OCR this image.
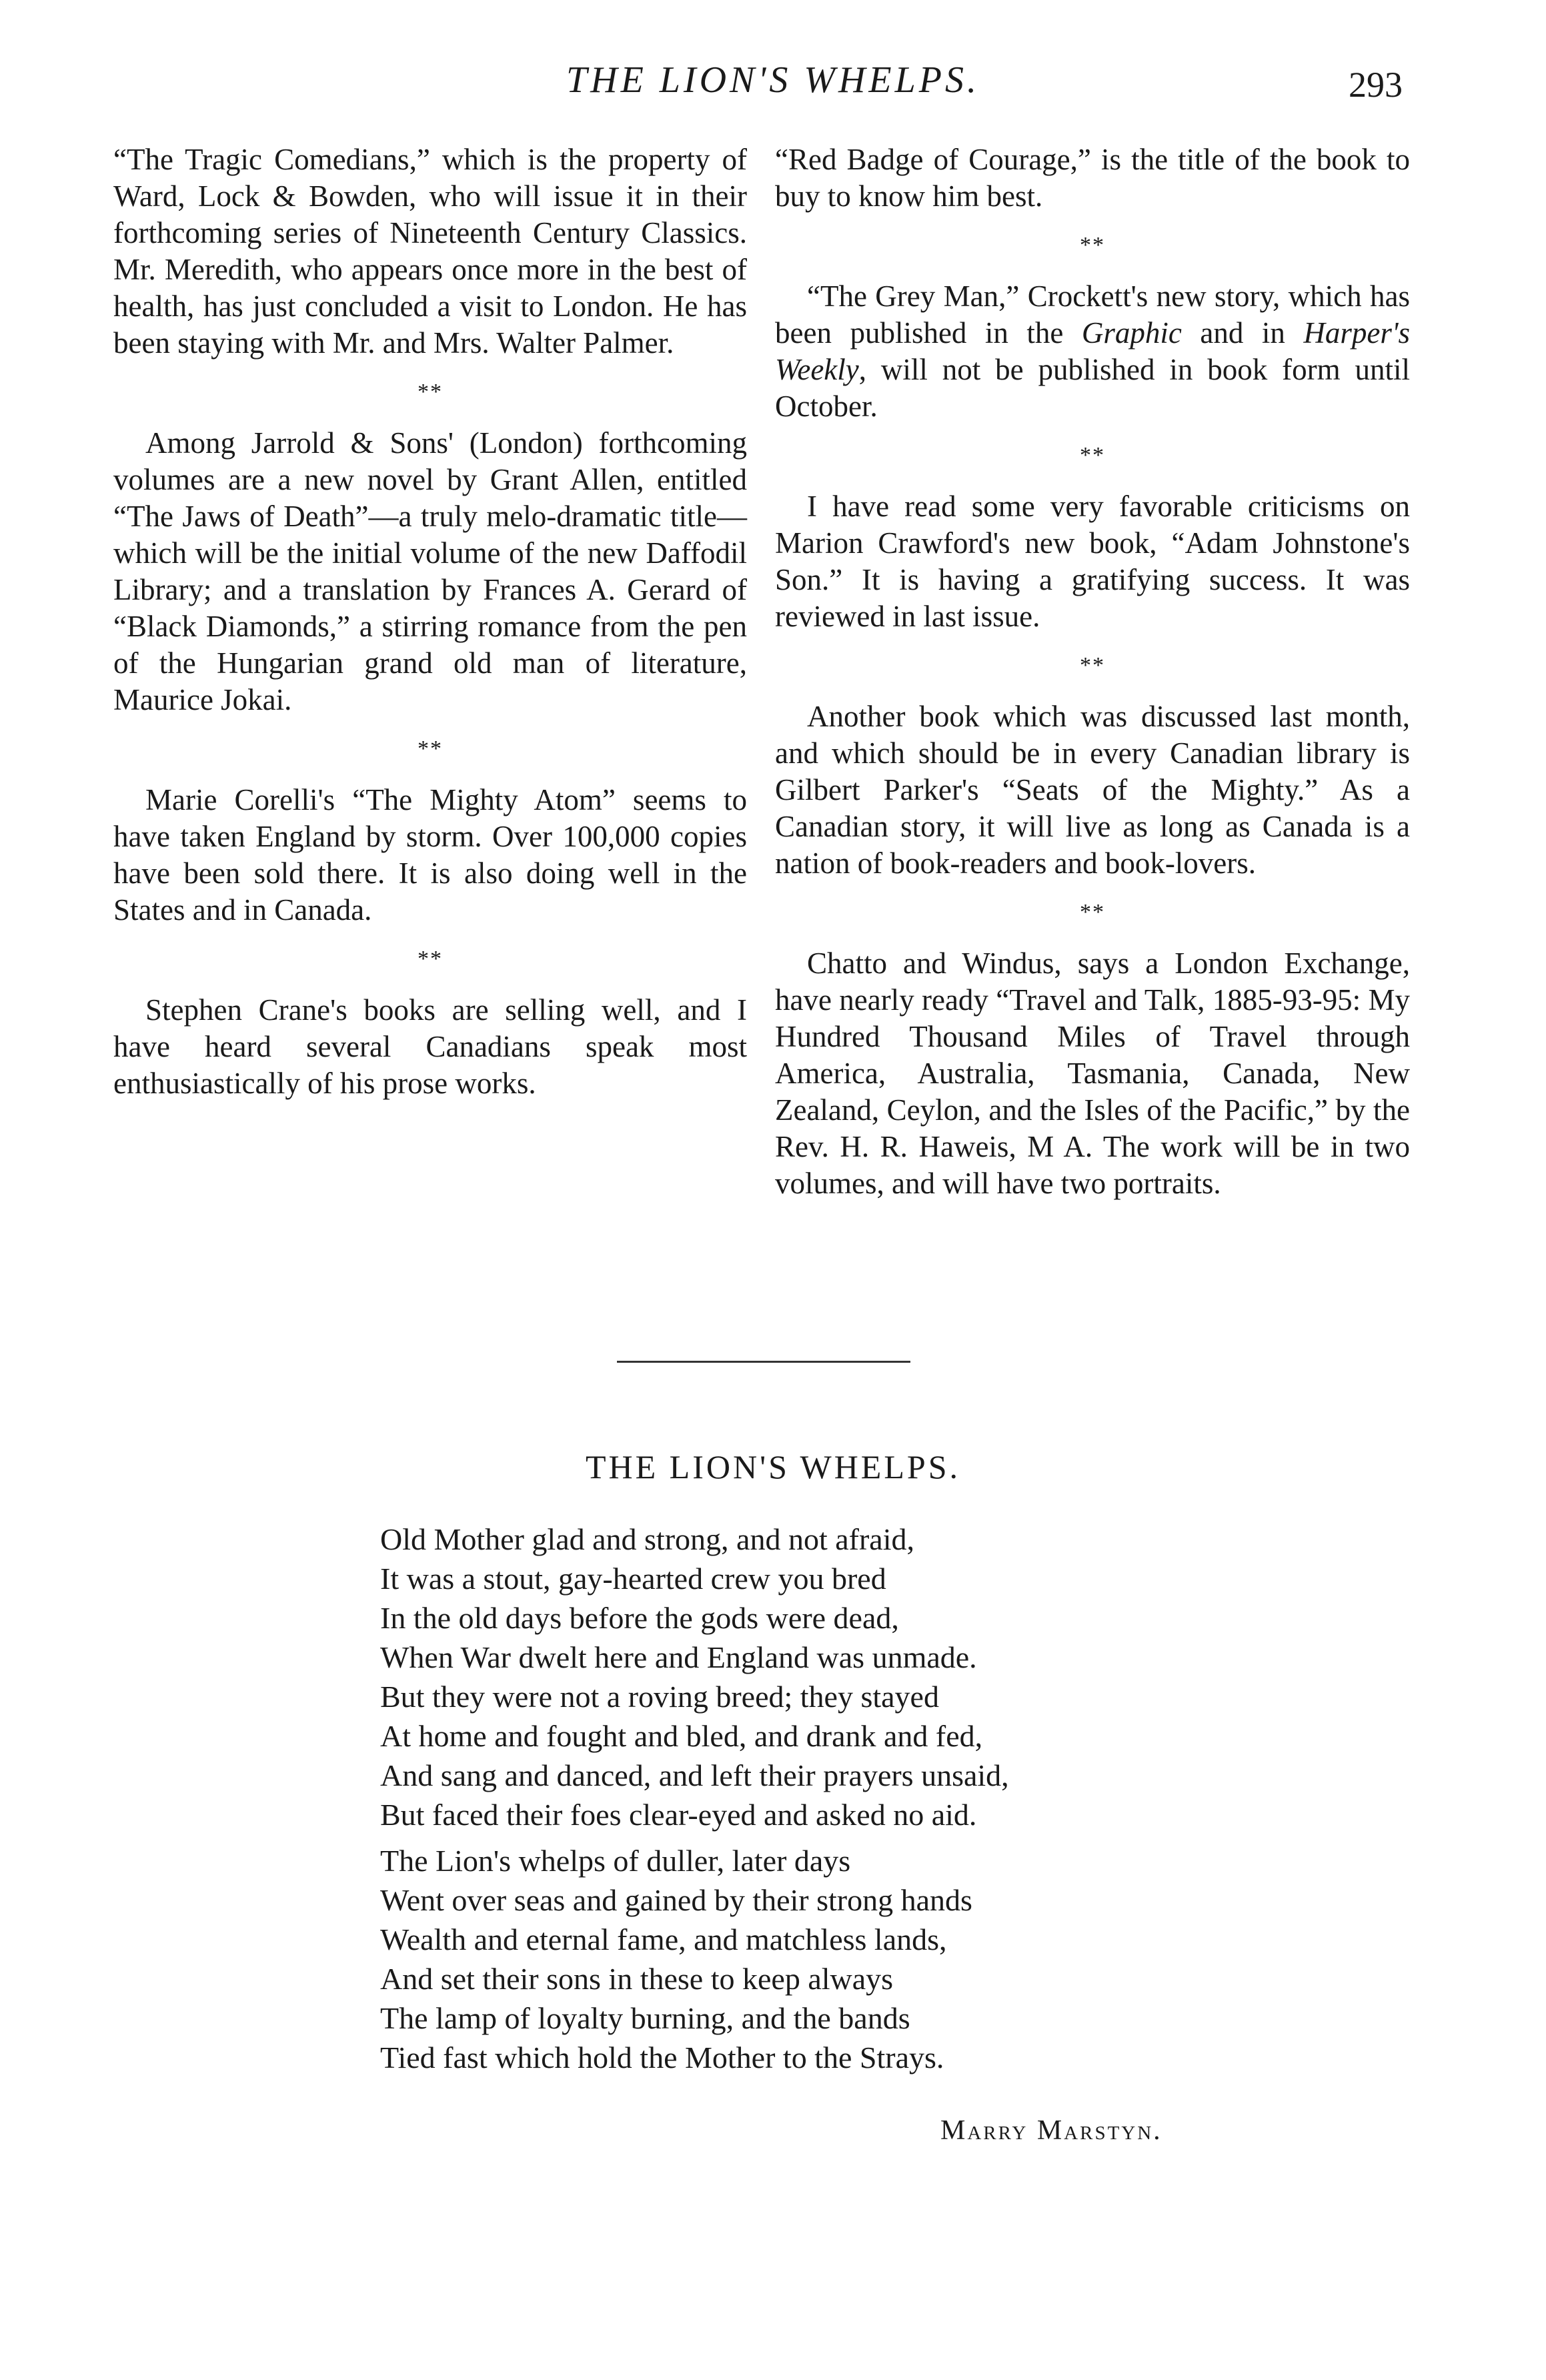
THE LION'S WHELPS.	293

“The Tragic Comedians,” which is the property of Ward, Lock & Bowden, who will issue it in their forthcoming series of Nineteenth Century Classics. Mr. Meredith, who appears once more in the best of health, has just concluded a visit to London. He has been staying with Mr. and Mrs. Walter Palmer.

**

Among Jarrold & Sons' (London) forthcoming volumes are a new novel by Grant Allen, entitled “The Jaws of Death”—a truly melo-dramatic title—which will be the initial volume of the new Daffodil Library; and a translation by Frances A. Gerard of “Black Diamonds,” a stirring romance from the pen of the Hungarian grand old man of literature, Maurice Jokai.

**

Marie Corelli's “The Mighty Atom” seems to have taken England by storm. Over 100,000 copies have been sold there. It is also doing well in the States and in Canada.

**

Stephen Crane's books are selling well, and I have heard several Canadians speak most enthusiastically of his prose works.

“Red Badge of Courage,” is the title of the book to buy to know him best.

**

“The Grey Man,” Crockett's new story, which has been published in the Graphic and in Harper's Weekly, will not be published in book form until October.

**

I have read some very favorable criticisms on Marion Crawford's new book, “Adam Johnstone's Son.” It is having a gratifying success. It was reviewed in last issue.

**

Another book which was discussed last month, and which should be in every Canadian library is Gilbert Parker's “Seats of the Mighty.” As a Canadian story, it will live as long as Canada is a nation of book-readers and book-lovers.

**

Chatto and Windus, says a London Exchange, have nearly ready “Travel and Talk, 1885-93-95: My Hundred Thousand Miles of Travel through America, Australia, Tasmania, Canada, New Zealand, Ceylon, and the Isles of the Pacific,” by the Rev. H. R. Haweis, M A. The work will be in two volumes, and will have two portraits.

THE LION'S WHELPS.
Old Mother glad and strong, and not afraid,
It was a stout, gay-hearted crew you bred
In the old days before the gods were dead,
When War dwelt here and England was unmade.
But they were not a roving breed; they stayed
At home and fought and bled, and drank and fed,
And sang and danced, and left their prayers unsaid,
But faced their foes clear-eyed and asked no aid.
The Lion's whelps of duller, later days
Went over seas and gained by their strong hands
Wealth and eternal fame, and matchless lands,
And set their sons in these to keep always
The lamp of loyalty burning, and the bands
Tied fast which hold the Mother to the Strays.
Marry Marstyn.
